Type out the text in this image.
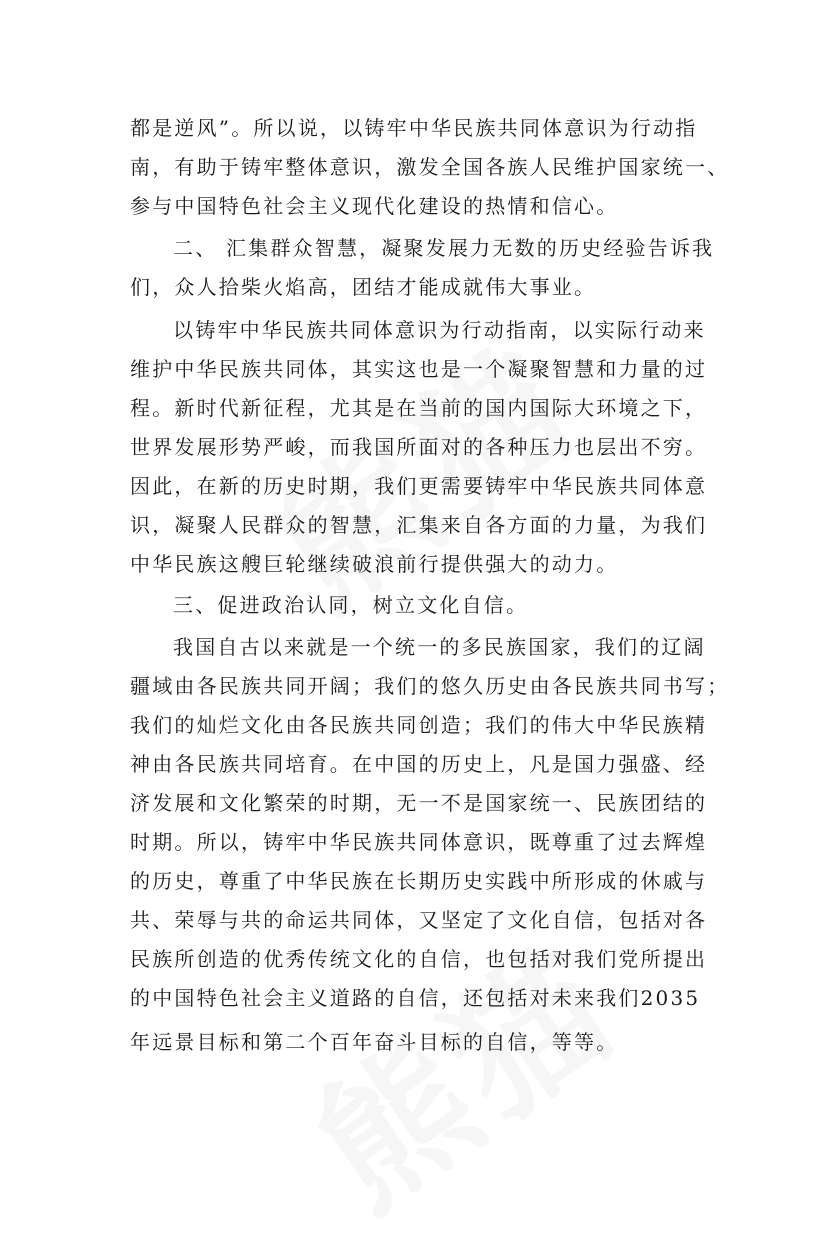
都是逆风”。所以说，以铸牢中华民族共同体意识为行动指
南，有助于铸牢整体意识，激发全国各族人民维护国家统一、
参与中国特色社会主义现代化建设的热情和信心。
二、 汇集群众智慧，凝聚发展力无数的历史经验告诉我
们，众人拾柴火焰高，团结才能成就伟大事业。
以铸牢中华民族共同体意识为行动指南，以实际行动来
维护中华民族共同体，其实这也是一个凝聚智慧和力量的过
程。新时代新征程，尤其是在当前的国内国际大环境之下，
世界发展形势严峻，而我国所面对的各种压力也层出不穷。
因此，在新的历史时期，我们更需要铸牢中华民族共同体意
识，凝聚人民群众的智慧，汇集来自各方面的力量，为我们
中华民族这艘巨轮继续破浪前行提供强大的动力。
三、促进政治认同，树立文化自信。
我国自古以来就是一个统一的多民族国家，我们的辽阔
疆域由各民族共同开阔；我们的悠久历史由各民族共同书写；
我们的灿烂文化由各民族共同创造；我们的伟大中华民族精
神由各民族共同培育。在中国的历史上，凡是国力强盛、经
济发展和文化繁荣的时期，无一不是国家统一、民族团结的
时期。所以，铸牢中华民族共同体意识，既尊重了过去辉煌
的历史，尊重了中华民族在长期历史实践中所形成的休戚与
共、荣辱与共的命运共同体，又坚定了文化自信，包括对各
民族所创造的优秀传统文化的自信，也包括对我们党所提出
的中国特色社会主义道路的自信，还包括对未来我们2035
年远景目标和第二个百年奋斗目标的自信，等等。
